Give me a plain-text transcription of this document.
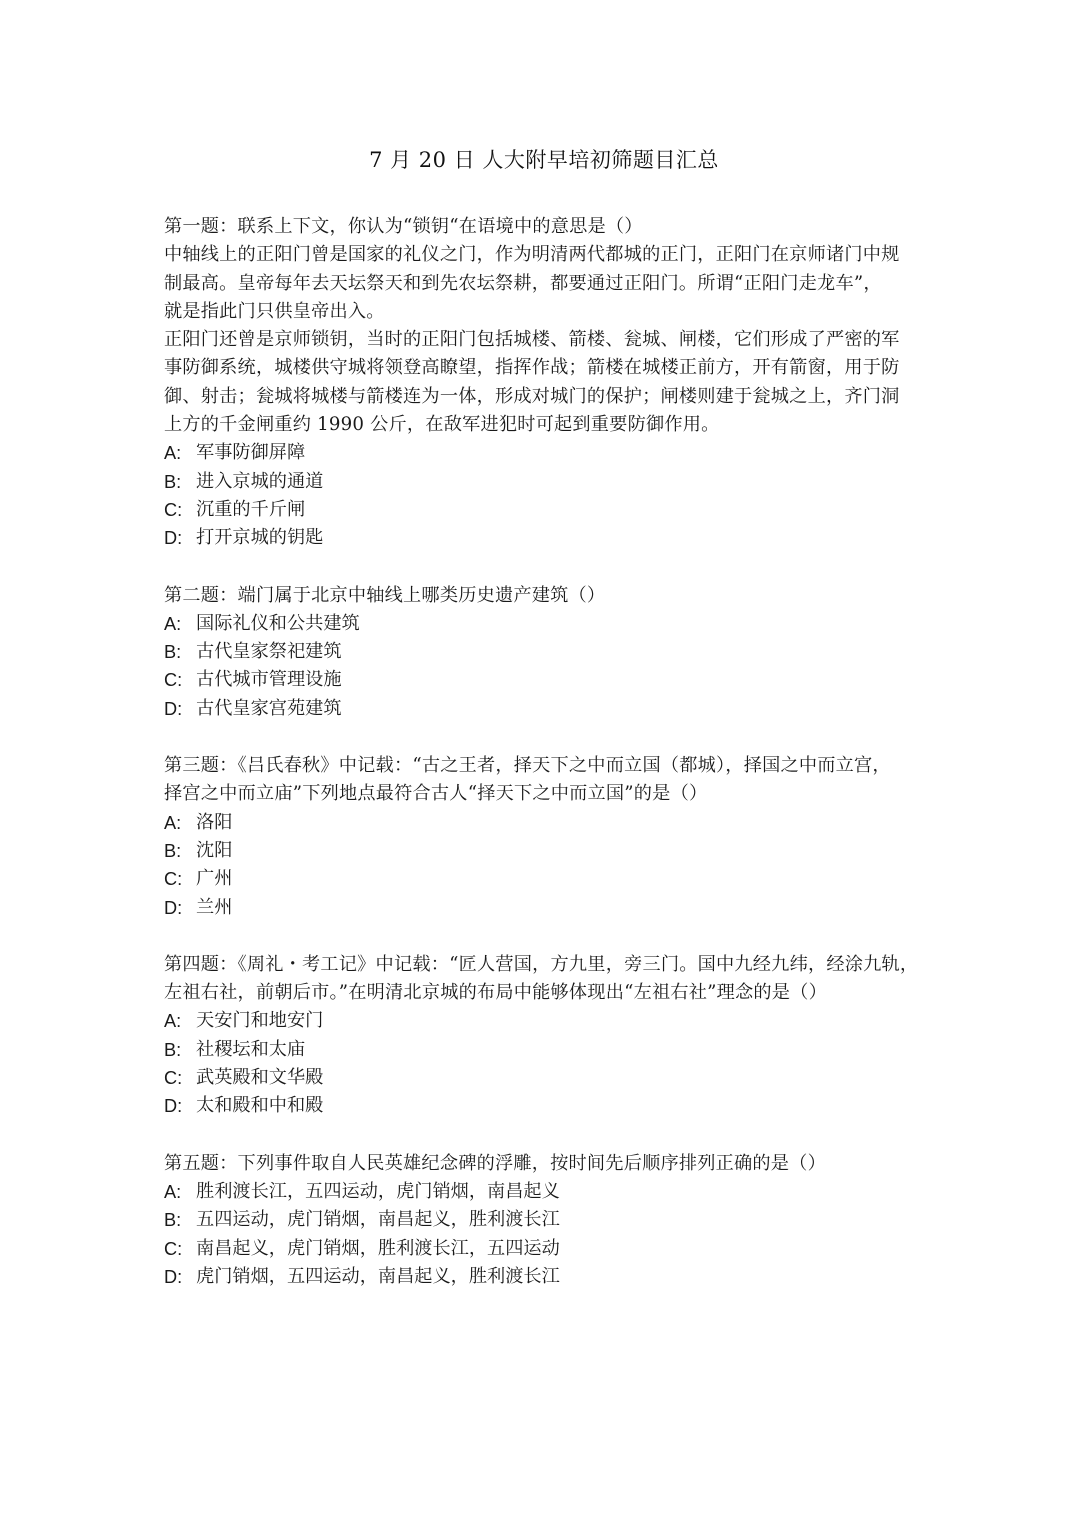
7 月 20 日 人大附早培初筛题目汇总
第一题：联系上下文，你认为“锁钥“在语境中的意思是（）
中轴线上的正阳门曾是国家的礼仪之门，作为明清两代都城的正门，正阳门在京师诸门中规
制最高。皇帝每年去天坛祭天和到先农坛祭耕，都要通过正阳门。所谓“正阳门走龙车”，
就是指此门只供皇帝出入。
正阳门还曾是京师锁钥，当时的正阳门包括城楼、箭楼、瓮城、闸楼，它们形成了严密的军
事防御系统，城楼供守城将领登高瞭望，指挥作战；箭楼在城楼正前方，开有箭窗，用于防
御、射击；瓮城将城楼与箭楼连为一体，形成对城门的保护；闸楼则建于瓮城之上，齐门洞
上方的千金闸重约 1990 公斤，在敌军进犯时可起到重要防御作用。
A: 军事防御屏障
B: 进入京城的通道
C: 沉重的千斤闸
D: 打开京城的钥匙
第二题：端门属于北京中轴线上哪类历史遗产建筑（）
A: 国际礼仪和公共建筑
B: 古代皇家祭祀建筑
C: 古代城市管理设施
D: 古代皇家宫苑建筑
第三题：《吕氏春秋》中记载：“古之王者，择天下之中而立国（都城），择国之中而立宫，
择宫之中而立庙”下列地点最符合古人“择天下之中而立国”的是（）
A: 洛阳
B: 沈阳
C: 广州
D: 兰州
第四题：《周礼・考工记》中记载：“匠人营国，方九里，旁三门。国中九经九纬，经涂九轨，
左祖右社，前朝后市。”在明清北京城的布局中能够体现出“左祖右社”理念的是（）
A: 天安门和地安门
B: 社稷坛和太庙
C: 武英殿和文华殿
D: 太和殿和中和殿
第五题：下列事件取自人民英雄纪念碑的浮雕，按时间先后顺序排列正确的是（）
A: 胜利渡长江，五四运动，虎门销烟，南昌起义
B: 五四运动，虎门销烟，南昌起义，胜利渡长江
C: 南昌起义，虎门销烟，胜利渡长江，五四运动
D: 虎门销烟，五四运动，南昌起义，胜利渡长江
